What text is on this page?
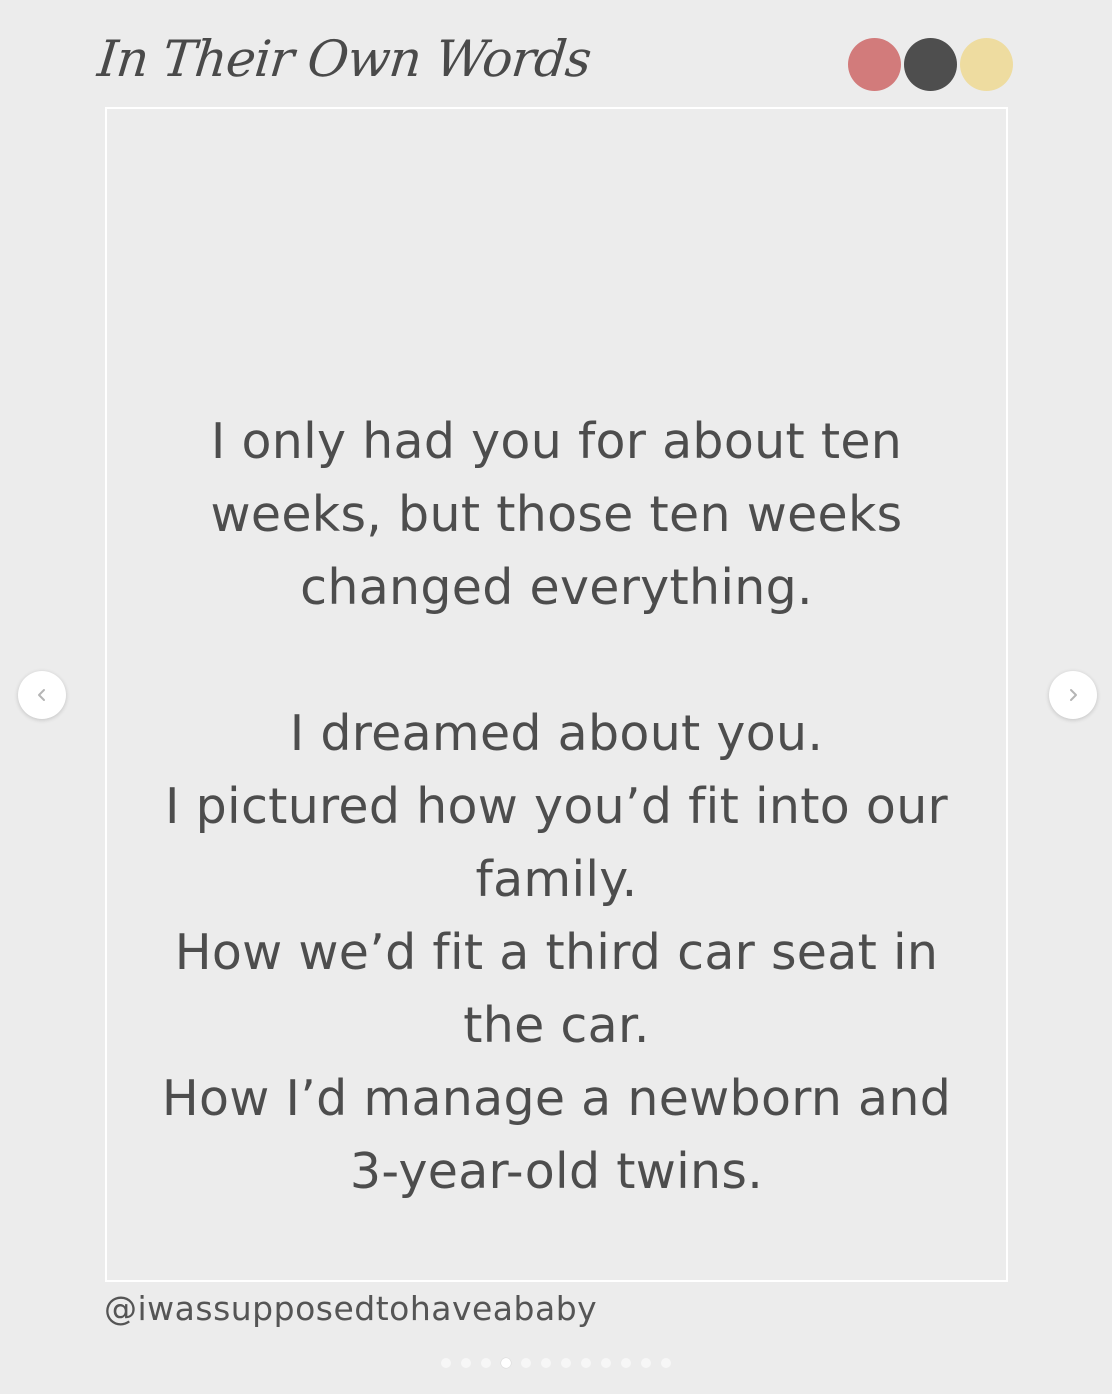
In Their Own Words
I only had you for about ten
weeks, but those ten weeks
changed everything.
I dreamed about you.
I pictured how you’d fit into our
family.
How we’d fit a third car seat in
the car.
How I’d manage a newborn and
3-year-old twins.
@iwassupposedtohaveababy
